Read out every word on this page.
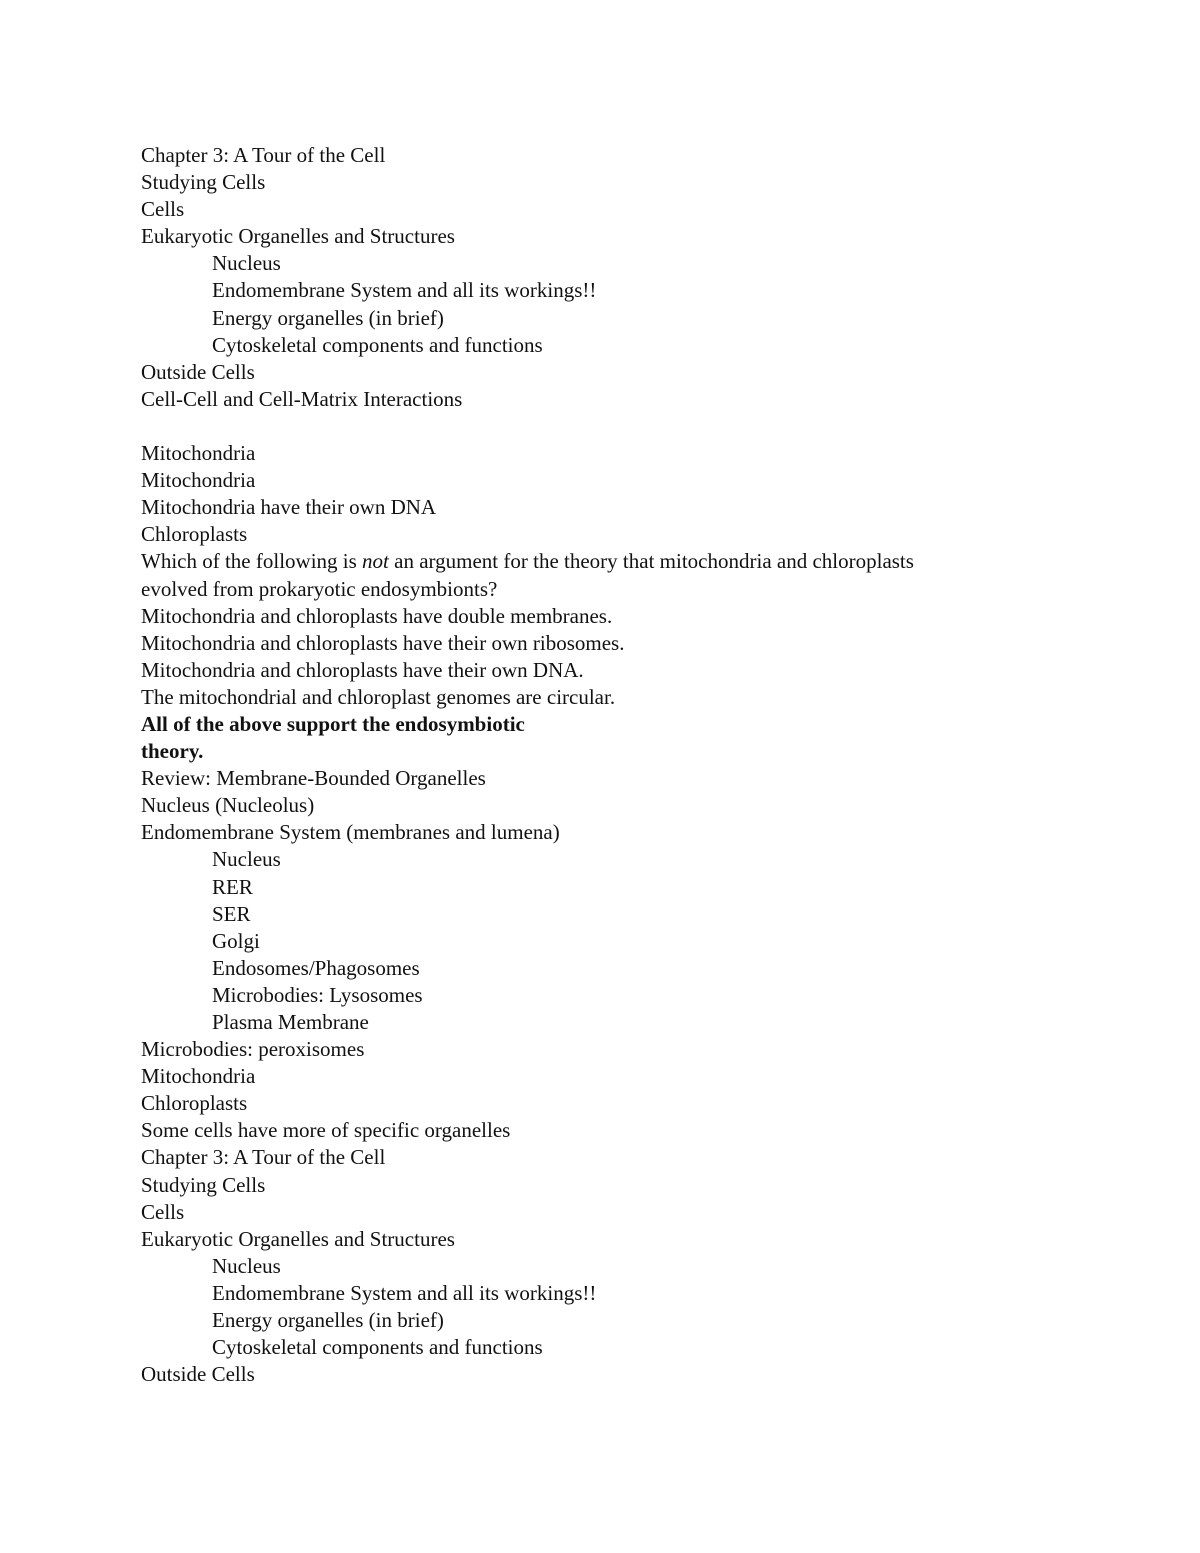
Chapter 3: A Tour of the Cell
Studying Cells
Cells
Eukaryotic Organelles and Structures
Nucleus
Endomembrane System and all its workings!!
Energy organelles (in brief)
Cytoskeletal components and functions
Outside Cells
Cell-Cell and Cell-Matrix Interactions
Mitochondria
Mitochondria
Mitochondria have their own DNA
Chloroplasts
Which of the following is not an argument for the theory that mitochondria and chloroplasts
evolved from prokaryotic endosymbionts?
Mitochondria and chloroplasts have double membranes.
Mitochondria and chloroplasts have their own ribosomes.
Mitochondria and chloroplasts have their own DNA.
The mitochondrial and chloroplast genomes are circular.
All of the above support the endosymbiotic
theory.
Review: Membrane-Bounded Organelles
Nucleus (Nucleolus)
Endomembrane System (membranes and lumena)
Nucleus
RER
SER
Golgi
Endosomes/Phagosomes
Microbodies: Lysosomes
Plasma Membrane
Microbodies: peroxisomes
Mitochondria
Chloroplasts
Some cells have more of specific organelles
Chapter 3: A Tour of the Cell
Studying Cells
Cells
Eukaryotic Organelles and Structures
Nucleus
Endomembrane System and all its workings!!
Energy organelles (in brief)
Cytoskeletal components and functions
Outside Cells
